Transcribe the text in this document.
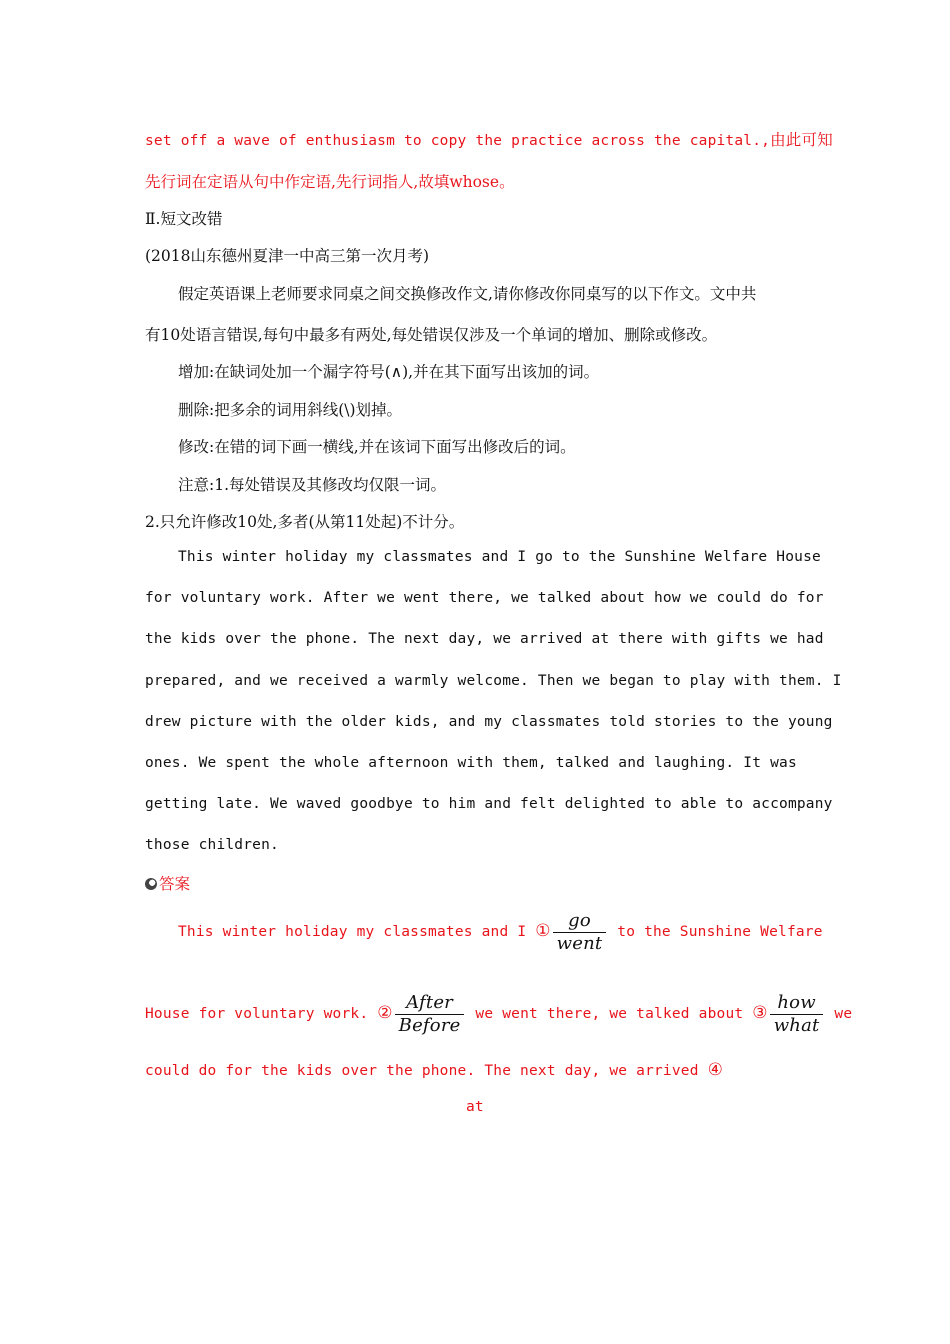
set off a wave of enthusiasm to copy the practice across the capital.,由此可知
先行词在定语从句中作定语,先行词指人,故填whose。
Ⅱ.短文改错
(2018山东德州夏津一中高三第一次月考)
假定英语课上老师要求同桌之间交换修改作文,请你修改你同桌写的以下作文。文中共
有10处语言错误,每句中最多有两处,每处错误仅涉及一个单词的增加、删除或修改。
增加:在缺词处加一个漏字符号(∧),并在其下面写出该加的词。
删除:把多余的词用斜线(\)划掉。
修改:在错的词下画一横线,并在该词下面写出修改后的词。
注意:1.每处错误及其修改均仅限一词。
2.只允许修改10处,多者(从第11处起)不计分。
This winter holiday my classmates and I go to the Sunshine Welfare House
for voluntary work. After we went there, we talked about how we could do for
the kids over the phone. The next day, we arrived at there with gifts we had
prepared, and we received a warmly welcome. Then we began to play with them. I
drew picture with the older kids, and my classmates told stories to the young
ones. We spent the whole afternoon with them, talked and laughing. It was
getting late. We waved goodbye to him and felt delighted to able to accompany
those children.
答案
This winter holiday my classmates and I ① $\frac{go}{\text{went}}$ to the Sunshine Welfare
House for voluntary work. ② $\frac{\text{After}}{\text{Before}}$ we went there, we talked about ③ $\frac{\text{how}}{\text{what}}$ we
could do for the kids over the phone. The next day, we arrived ④
at
